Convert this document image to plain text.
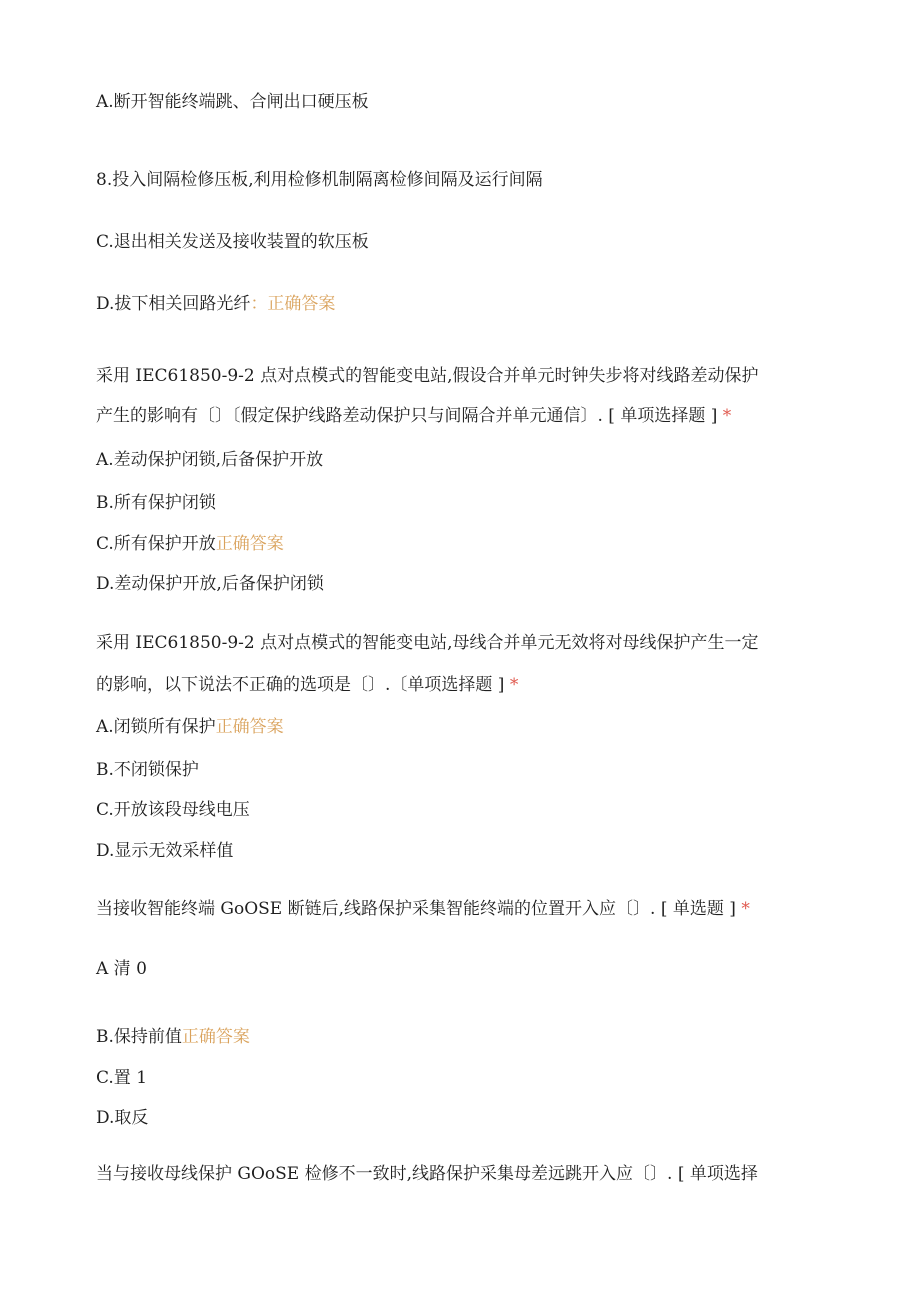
A.断开智能终端跳、合闸出口硬压板
8.投入间隔检修压板,利用检修机制隔离检修间隔及运行间隔
C.退出相关发送及接收装置的软压板
D.拔下相关回路光纤：正确答案
采用 IEC61850-9-2 点对点模式的智能变电站,假设合并单元时钟失步将对线路差动保护
产生的影响有〔〕〔假定保护线路差动保护只与间隔合并单元通信〕. [ 单项选择题 ] *
A.差动保护闭锁,后备保护开放
B.所有保护闭锁
C.所有保护开放正确答案
D.差动保护开放,后备保护闭锁
采用 IEC61850-9-2 点对点模式的智能变电站,母线合并单元无效将对母线保护产生一定
的影响，以下说法不正确的选项是〔〕.〔单项选择题 ] *
A.闭锁所有保护正确答案
B.不闭锁保护
C.开放该段母线电压
D.显示无效采样值
当接收智能终端 GoOSE 断链后,线路保护采集智能终端的位置开入应〔〕. [ 单选题 ] *
A 清 0
B.保持前值正确答案
C.置 1
D.取反
当与接收母线保护 GOoSE 检修不一致时,线路保护采集母差远跳开入应〔〕. [ 单项选择
